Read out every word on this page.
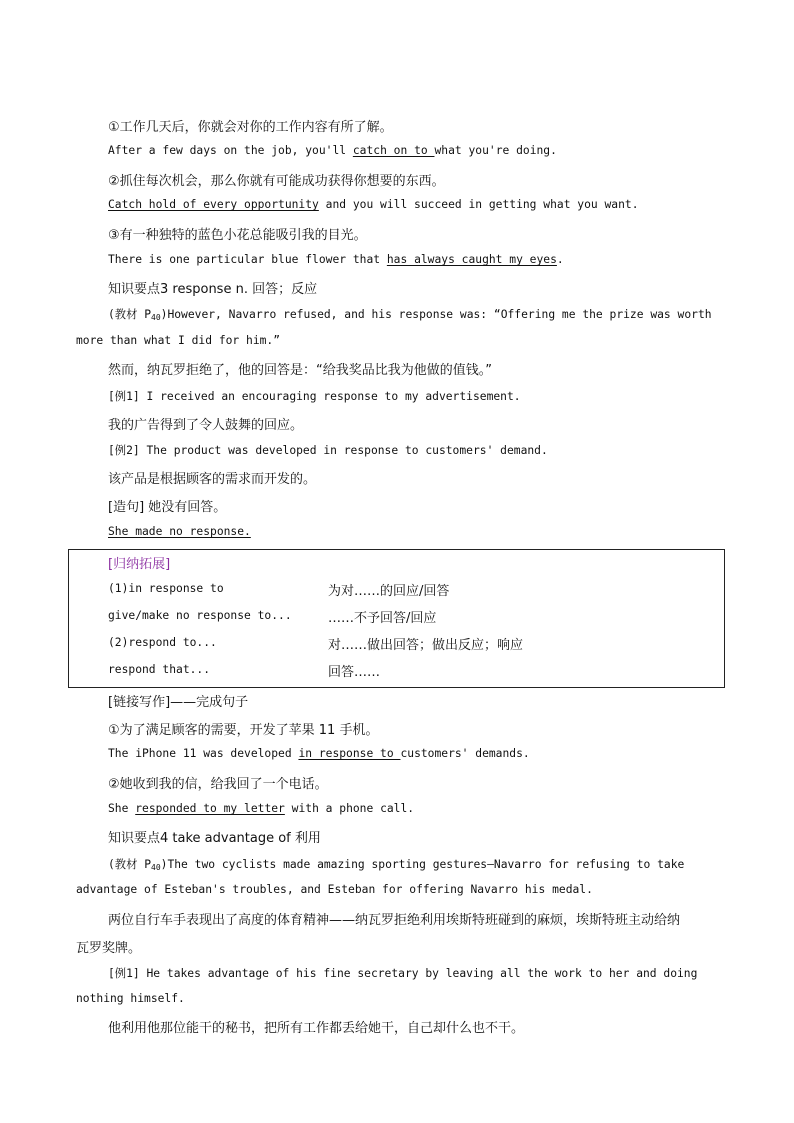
①工作几天后，你就会对你的工作内容有所了解。
After a few days on the job, you'll catch on to what you're doing.
②抓住每次机会，那么你就有可能成功获得你想要的东西。
Catch hold of every opportunity and you will succeed in getting what you want.
③有一种独特的蓝色小花总能吸引我的目光。
There is one particular blue flower that has always caught my eyes.
知识要点3 response n. 回答；反应
(教材 $P_{40})However$, Navarro refused, and his response was: “Offering me the prize was worth
more than what I did for him.”
然而，纳瓦罗拒绝了，他的回答是：“给我奖品比我为他做的值钱。”
[例1] I received an encouraging response to my advertisement.
我的广告得到了令人鼓舞的回应。
[例2] The product was developed in response to customers' demand.
该产品是根据顾客的需求而开发的。
[造句] 她没有回答。
She made no response.
[归纳拓展]
(1)in response to	为对……的回应/回答
give/make no response to...	……不予回答/回应
(2)respond to...	对……做出回答；做出反应；响应
respond that...	回答……
[链接写作]——完成句子
①为了满足顾客的需要，开发了苹果 11 手机。
The iPhone 11 was developed in response to customers' demands.
②她收到我的信，给我回了一个电话。
She responded to my letter with a phone call.
知识要点4 take advantage of 利用
(教材 $P_{40})The$ two cyclists made amazing sporting gestures—Navarro for refusing to take
advantage of Esteban's troubles, and Esteban for offering Navarro his medal.
两位自行车手表现出了高度的体育精神——纳瓦罗拒绝利用埃斯特班碰到的麻烦，埃斯特班主动给纳
瓦罗奖牌。
[例1] He takes advantage of his fine secretary by leaving all the work to her and doing
nothing himself.
他利用他那位能干的秘书，把所有工作都丢给她干，自己却什么也不干。
